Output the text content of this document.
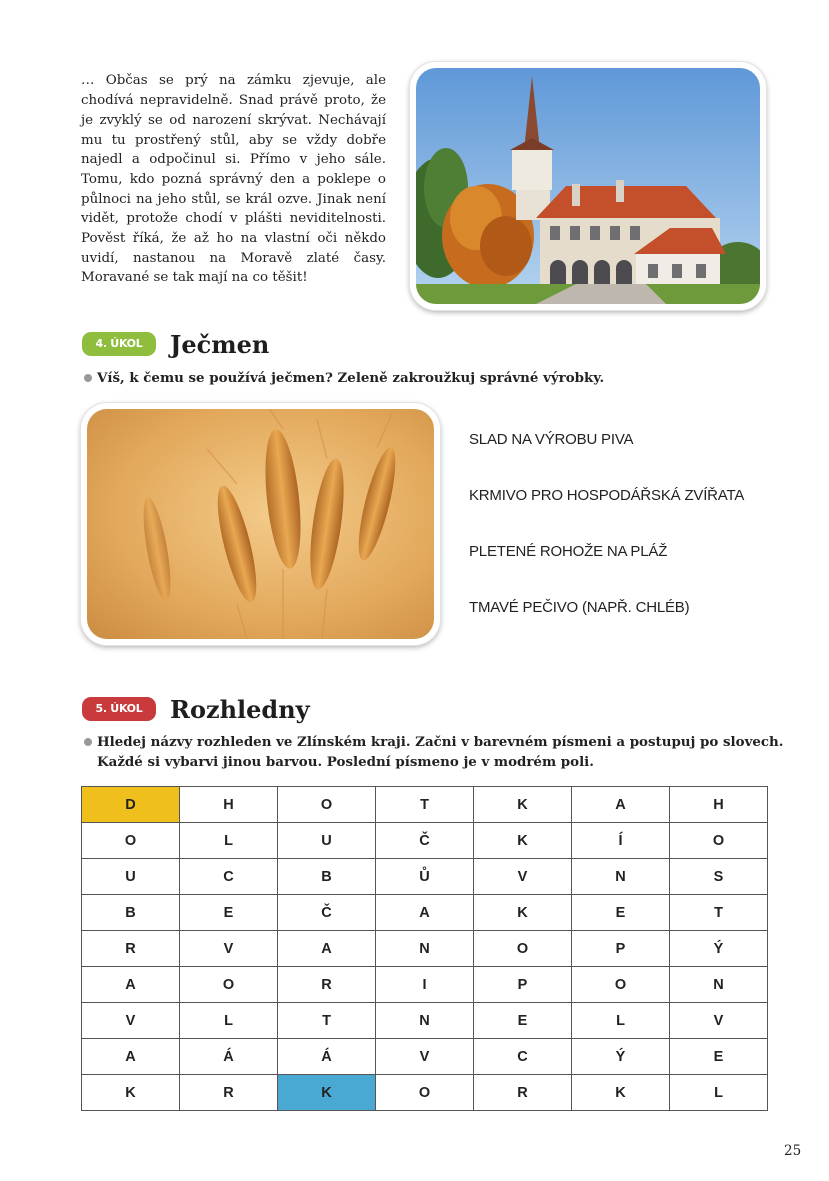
… Občas se prý na zámku zjevuje, ale chodívá nepravidelně. Snad právě proto, že je zvyklý se od narození skrývat. Nechávají mu tu prostřený stůl, aby se vždy dobře najedl a odpočinul si. Přímo v jeho sále. Tomu, kdo pozná správný den a poklepe o půlnoci na jeho stůl, se král ozve. Jinak není vidět, protože chodí v plášti neviditelnosti. Pověst říká, že až ho na vlastní oči někdo uvidí, nastanou na Moravě zlaté časy. Moravané se tak mají na co těšit!

4. ÚKOL	Ječmen
Víš, k čemu se používá ječmen? Zeleně zakroužkuj správné výrobky.
SLAD NA VÝROBU PIVA
KRMIVO PRO HOSPODÁŘSKÁ ZVÍŘATA
PLETENÉ ROHOŽE NA PLÁŽ
TMAVÉ PEČIVO (NAPŘ. CHLÉB)
5. ÚKOL	Rozhledny
Hledej názvy rozhleden ve Zlínském kraji. Začni v barevném písmeni a postupuj po slovech. Každé si vybarvi jinou barvou. Poslední písmeno je v modrém poli.
D	H	O	T	K	A	H
O	L	U	Č	K	Í	O
U	C	B	Ů	V	N	S
B	E	Č	A	K	E	T
R	V	A	N	O	P	Ý
A	O	R	I	P	O	N
V	L	T	N	E	L	V
A	Á	Á	V	C	Ý	E
K	R	K	O	R	K	L
25
